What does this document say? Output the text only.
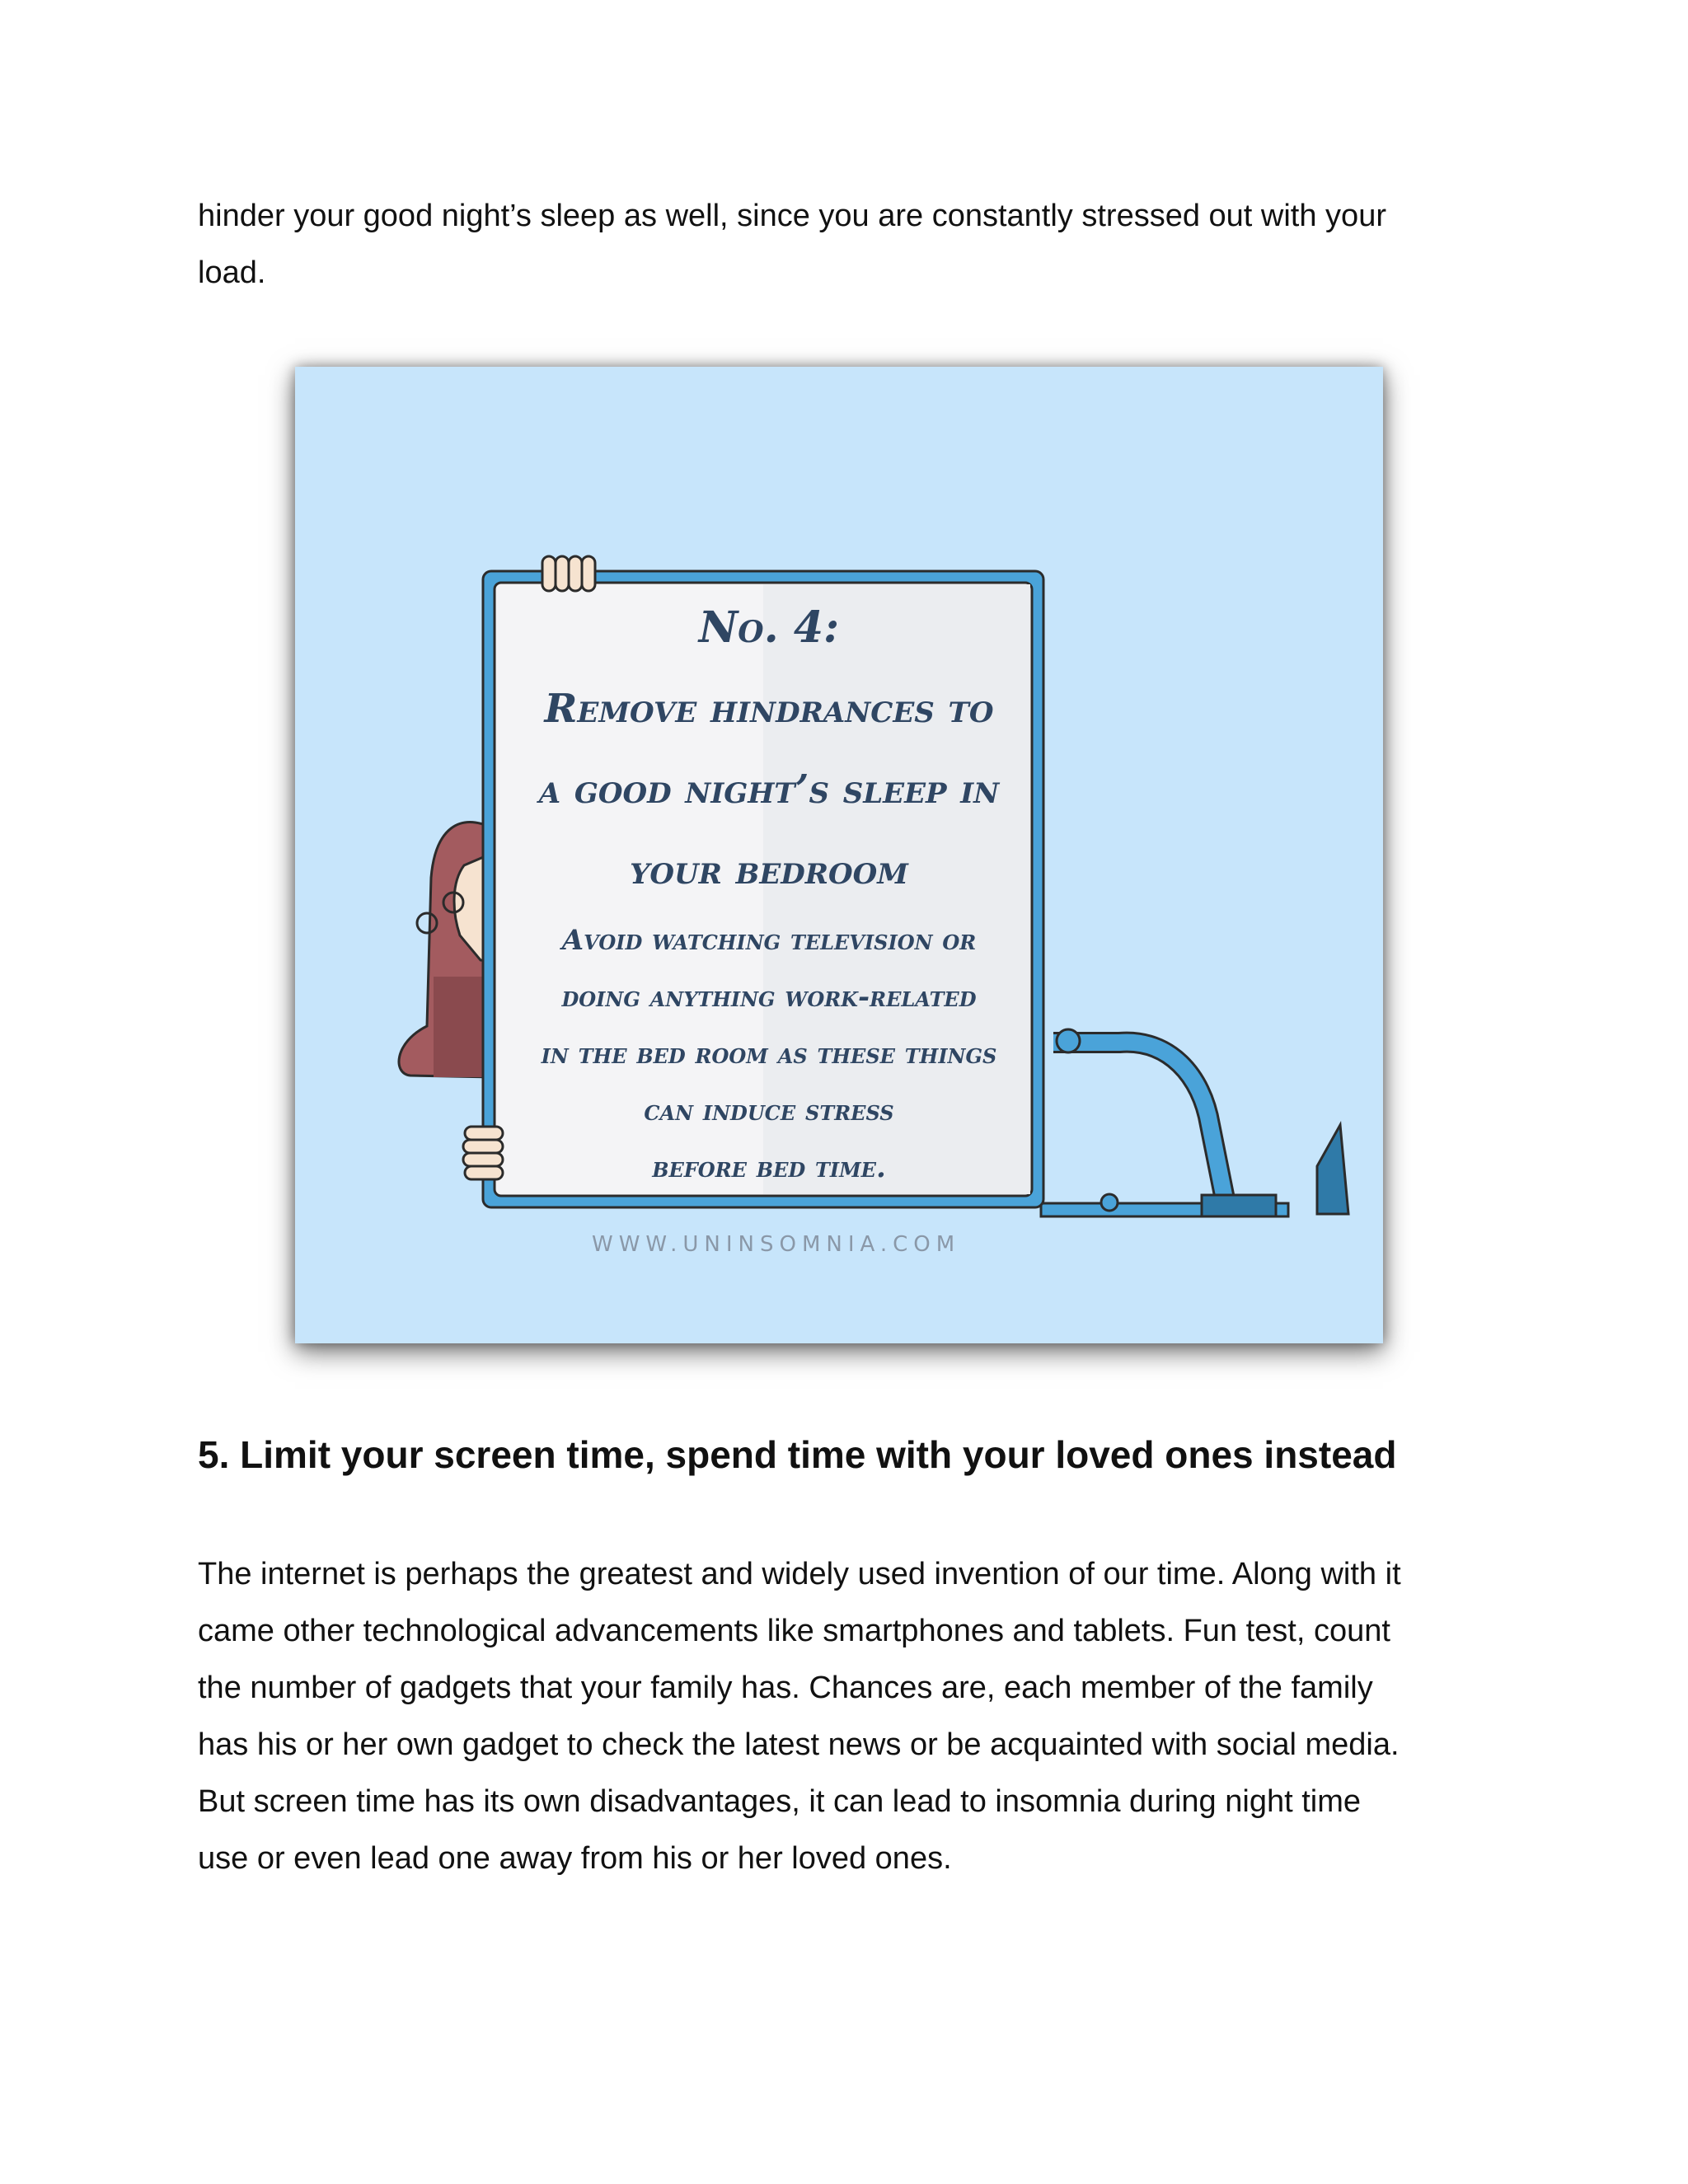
hinder your good night’s sleep as well, since you are constantly stressed out with your
load.

No. 4:

Remove hindrances to

a good night’s sleep in

your bedroom

Avoid watching television or

doing anything work-related

in the bed room as these things

can induce stress

before bed time.

WWW.UNINSOMNIA.COM

5. Limit your screen time, spend time with your loved ones instead

The internet is perhaps the greatest and widely used invention of our time. Along with it
came other technological advancements like smartphones and tablets. Fun test, count
the number of gadgets that your family has. Chances are, each member of the family
has his or her own gadget to check the latest news or be acquainted with social media.
But screen time has its own disadvantages, it can lead to insomnia during night time
use or even lead one away from his or her loved ones.
